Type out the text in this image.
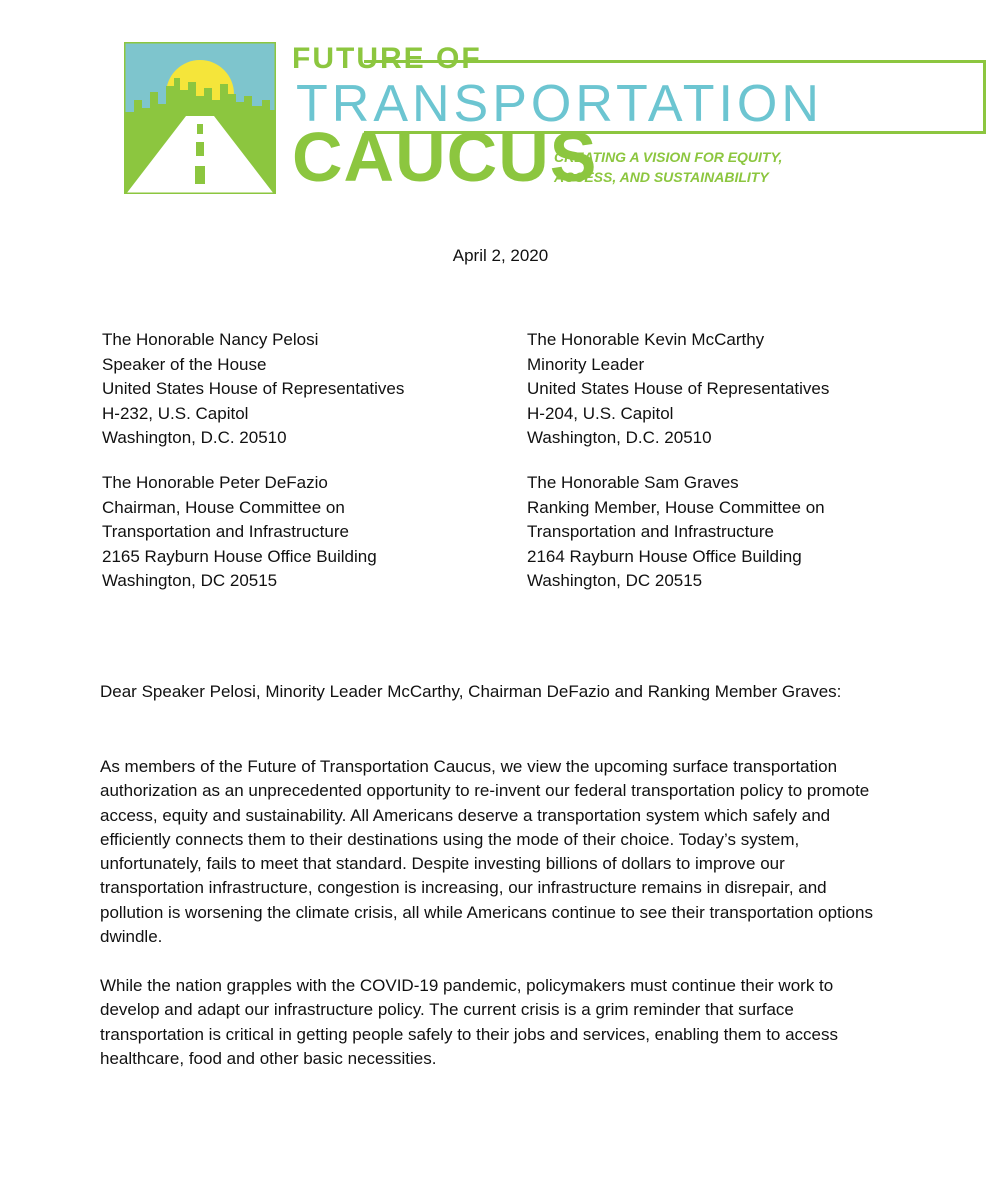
FUTURE OF
TRANSPORTATION
CAUCUS
CREATING A VISION FOR EQUITY,
ACCESS, AND SUSTAINABILITY
April 2, 2020
The Honorable Nancy Pelosi
Speaker of the House
United States House of Representatives
H-232, U.S. Capitol
Washington, D.C. 20510
The Honorable Kevin McCarthy
Minority Leader
United States House of Representatives
H-204, U.S. Capitol
Washington, D.C. 20510
The Honorable Peter DeFazio
Chairman, House Committee on
Transportation and Infrastructure
2165 Rayburn House Office Building
Washington, DC 20515
The Honorable Sam Graves
Ranking Member, House Committee on
Transportation and Infrastructure
2164 Rayburn House Office Building
Washington, DC 20515
Dear Speaker Pelosi, Minority Leader McCarthy, Chairman DeFazio and Ranking Member Graves:
As members of the Future of Transportation Caucus, we view the upcoming surface transportation authorization as an unprecedented opportunity to re-invent our federal transportation policy to promote access, equity and sustainability. All Americans deserve a transportation system which safely and efficiently connects them to their destinations using the mode of their choice. Today’s system, unfortunately, fails to meet that standard. Despite investing billions of dollars to improve our transportation infrastructure, congestion is increasing, our infrastructure remains in disrepair, and pollution is worsening the climate crisis, all while Americans continue to see their transportation options dwindle.
While the nation grapples with the COVID-19 pandemic, policymakers must continue their work to develop and adapt our infrastructure policy. The current crisis is a grim reminder that surface transportation is critical in getting people safely to their jobs and services, enabling them to access healthcare, food and other basic necessities.
